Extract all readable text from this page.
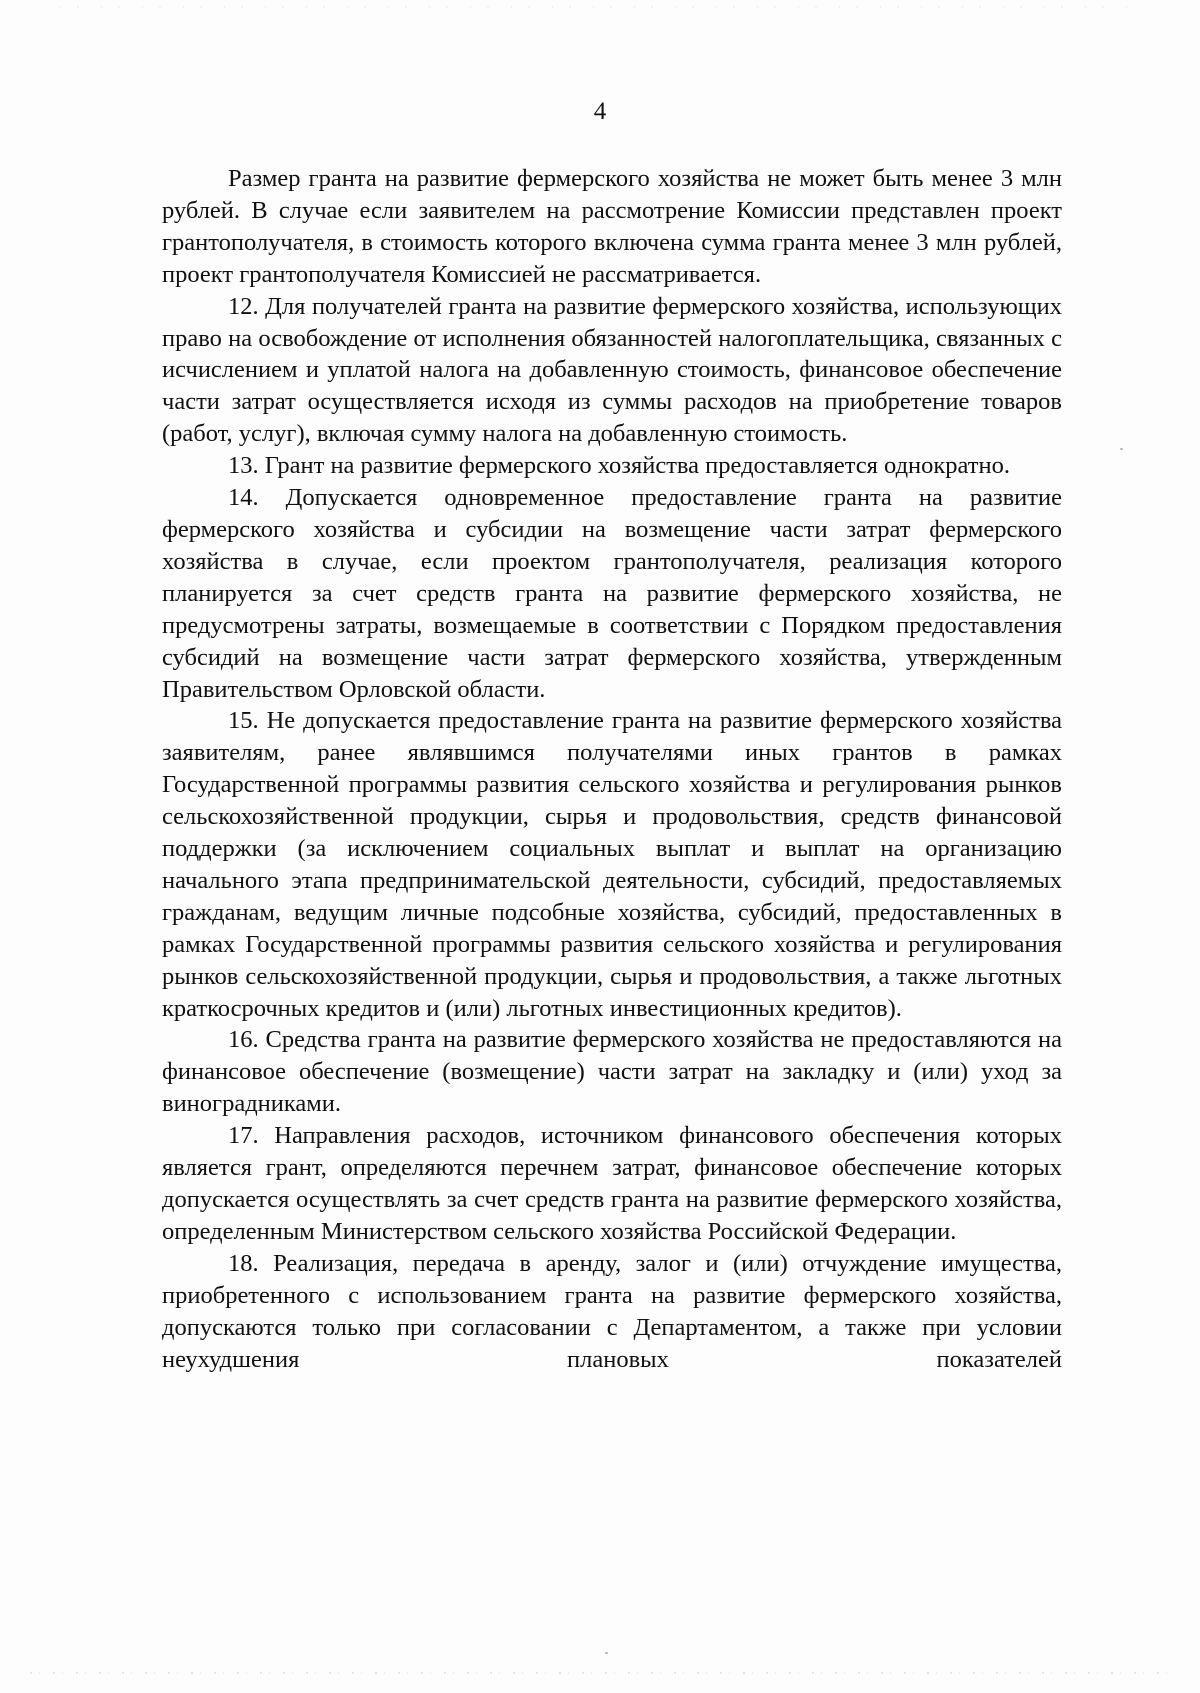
4

Размер гранта на развитие фермерского хозяйства не может быть менее 3 млн рублей. В случае если заявителем на рассмотрение Комиссии представлен проект грантополучателя, в стоимость которого включена сумма гранта менее 3 млн рублей, проект грантополучателя Комиссией не рассматривается.

12. Для получателей гранта на развитие фермерского хозяйства, использующих право на освобождение от исполнения обязанностей налогоплательщика, связанных с исчислением и уплатой налога на добавленную стоимость, финансовое обеспечение части затрат осуществляется исходя из суммы расходов на приобретение товаров (работ, услуг), включая сумму налога на добавленную стоимость.

13. Грант на развитие фермерского хозяйства предоставляется однократно.

14. Допускается одновременное предоставление гранта на развитие фермерского хозяйства и субсидии на возмещение части затрат фермерского хозяйства в случае, если проектом грантополучателя, реализация которого планируется за счет средств гранта на развитие фермерского хозяйства, не предусмотрены затраты, возмещаемые в соответствии с Порядком предоставления субсидий на возмещение части затрат фермерского хозяйства, утвержденным Правительством Орловской области.

15. Не допускается предоставление гранта на развитие фермерского хозяйства заявителям, ранее являвшимся получателями иных грантов в рамках Государственной программы развития сельского хозяйства и регулирования рынков сельскохозяйственной продукции, сырья и продовольствия, средств финансовой поддержки (за исключением социальных выплат и выплат на организацию начального этапа предпринимательской деятельности, субсидий, предоставляемых гражданам, ведущим личные подсобные хозяйства, субсидий, предоставленных в рамках Государственной программы развития сельского хозяйства и регулирования рынков сельскохозяйственной продукции, сырья и продовольствия, а также льготных краткосрочных кредитов и (или) льготных инвестиционных кредитов).

16. Средства гранта на развитие фермерского хозяйства не предоставляются на финансовое обеспечение (возмещение) части затрат на закладку и (или) уход за виноградниками.

17. Направления расходов, источником финансового обеспечения которых является грант, определяются перечнем затрат, финансовое обеспечение которых допускается осуществлять за счет средств гранта на развитие фермерского хозяйства, определенным Министерством сельского хозяйства Российской Федерации.

18. Реализация, передача в аренду, залог и (или) отчуждение имущества, приобретенного с использованием гранта на развитие фермерского хозяйства, допускаются только при согласовании с Департаментом, а также при условии неухудшения плановых показателей
